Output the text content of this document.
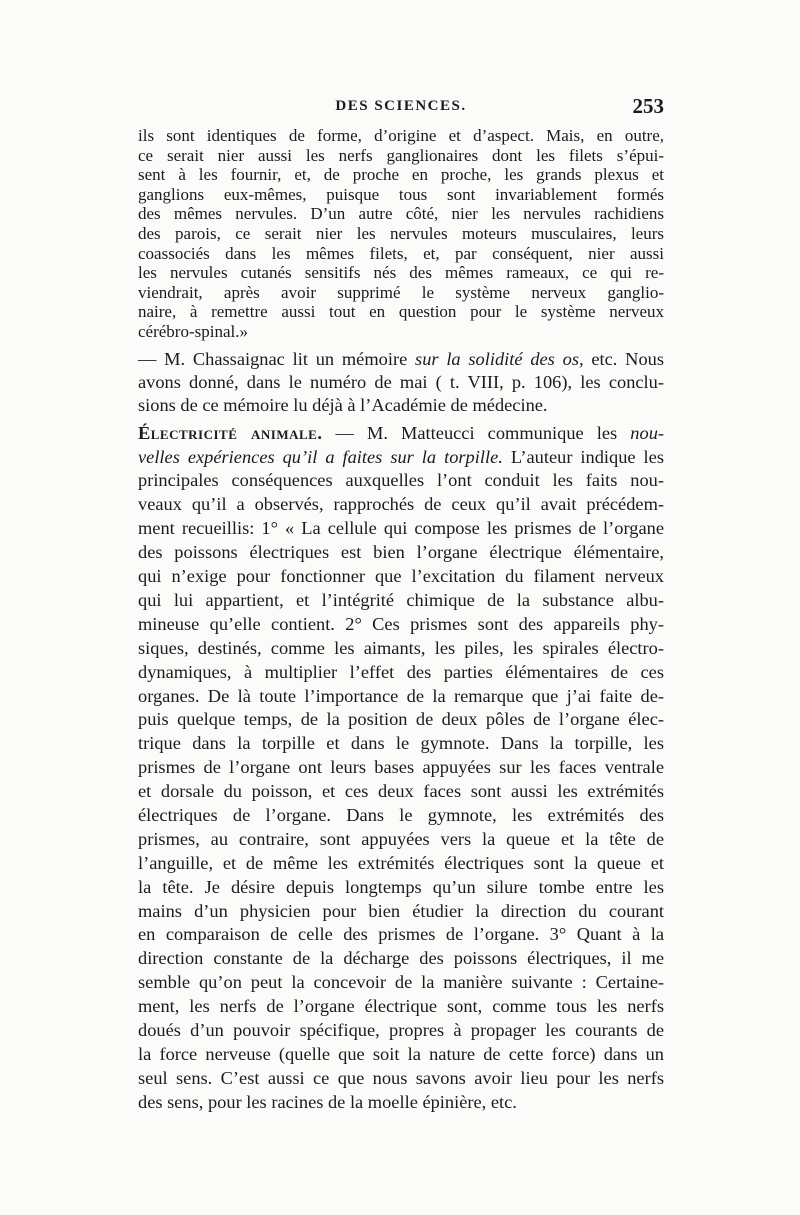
DES SCIENCES.	253
ils sont identiques de forme, d’origine et d’aspect. Mais, en outre,
ce serait nier aussi les nerfs ganglionaires dont les filets s’épui-
sent à les fournir, et, de proche en proche, les grands plexus et
ganglions eux-mêmes, puisque tous sont invariablement formés
des mêmes nervules. D’un autre côté, nier les nervules rachidiens
des parois, ce serait nier les nervules moteurs musculaires, leurs
coassociés dans les mêmes filets, et, par conséquent, nier aussi
les nervules cutanés sensitifs nés des mêmes rameaux, ce qui re-
viendrait, après avoir supprimé le système nerveux ganglio-
naire, à remettre aussi tout en question pour le système nerveux
cérébro-spinal.»
— M. Chassaignac lit un mémoire sur la solidité des os, etc. Nous
avons donné, dans le numéro de mai ( t. VIII, p. 106), les conclu-
sions de ce mémoire lu déjà à l’Académie de médecine.
Électricité animale. — M. Matteucci communique les nou-
velles expériences qu’il a faites sur la torpille. L’auteur indique les
principales conséquences auxquelles l’ont conduit les faits nou-
veaux qu’il a observés, rapprochés de ceux qu’il avait précédem-
ment recueillis: 1° « La cellule qui compose les prismes de l’organe
des poissons électriques est bien l’organe électrique élémentaire,
qui n’exige pour fonctionner que l’excitation du filament nerveux
qui lui appartient, et l’intégrité chimique de la substance albu-
mineuse qu’elle contient. 2° Ces prismes sont des appareils phy-
siques, destinés, comme les aimants, les piles, les spirales électro-
dynamiques, à multiplier l’effet des parties élémentaires de ces
organes. De là toute l’importance de la remarque que j’ai faite de-
puis quelque temps, de la position de deux pôles de l’organe élec-
trique dans la torpille et dans le gymnote. Dans la torpille, les
prismes de l’organe ont leurs bases appuyées sur les faces ventrale
et dorsale du poisson, et ces deux faces sont aussi les extrémités
électriques de l’organe. Dans le gymnote, les extrémités des
prismes, au contraire, sont appuyées vers la queue et la tête de
l’anguille, et de même les extrémités électriques sont la queue et
la tête. Je désire depuis longtemps qu’un silure tombe entre les
mains d’un physicien pour bien étudier la direction du courant
en comparaison de celle des prismes de l’organe. 3° Quant à la
direction constante de la décharge des poissons électriques, il me
semble qu’on peut la concevoir de la manière suivante : Certaine-
ment, les nerfs de l’organe électrique sont, comme tous les nerfs
doués d’un pouvoir spécifique, propres à propager les courants de
la force nerveuse (quelle que soit la nature de cette force) dans un
seul sens. C’est aussi ce que nous savons avoir lieu pour les nerfs
des sens, pour les racines de la moelle épinière, etc.
